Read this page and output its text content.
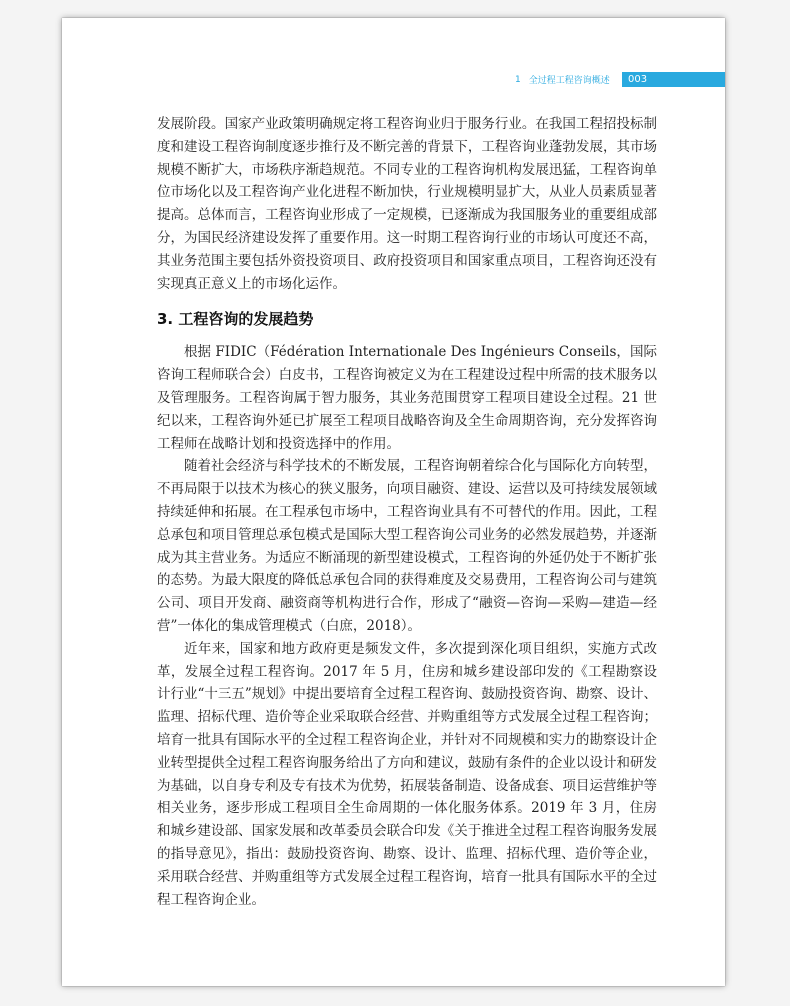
1 全过程工程咨询概述	003

发展阶段。国家产业政策明确规定将工程咨询业归于服务行业。在我国工程招投标制度和建设工程咨询制度逐步推行及不断完善的背景下，工程咨询业蓬勃发展，其市场规模不断扩大，市场秩序渐趋规范。不同专业的工程咨询机构发展迅猛，工程咨询单位市场化以及工程咨询产业化进程不断加快，行业规模明显扩大，从业人员素质显著提高。总体而言，工程咨询业形成了一定规模，已逐渐成为我国服务业的重要组成部分，为国民经济建设发挥了重要作用。这一时期工程咨询行业的市场认可度还不高，其业务范围主要包括外资投资项目、政府投资项目和国家重点项目，工程咨询还没有实现真正意义上的市场化运作。

3. 工程咨询的发展趋势

根据 FIDIC（Fédération Internationale Des Ingénieurs Conseils，国际咨询工程师联合会）白皮书，工程咨询被定义为在工程建设过程中所需的技术服务以及管理服务。工程咨询属于智力服务，其业务范围贯穿工程项目建设全过程。21 世纪以来，工程咨询外延已扩展至工程项目战略咨询及全生命周期咨询，充分发挥咨询工程师在战略计划和投资选择中的作用。

随着社会经济与科学技术的不断发展，工程咨询朝着综合化与国际化方向转型，不再局限于以技术为核心的狭义服务，向项目融资、建设、运营以及可持续发展领域持续延伸和拓展。在工程承包市场中，工程咨询业具有不可替代的作用。因此，工程总承包和项目管理总承包模式是国际大型工程咨询公司业务的必然发展趋势，并逐渐成为其主营业务。为适应不断涌现的新型建设模式，工程咨询的外延仍处于不断扩张的态势。为最大限度的降低总承包合同的获得难度及交易费用，工程咨询公司与建筑公司、项目开发商、融资商等机构进行合作，形成了“融资—咨询—采购—建造—经营”一体化的集成管理模式（白庶，2018）。

近年来，国家和地方政府更是频发文件，多次提到深化项目组织，实施方式改革，发展全过程工程咨询。2017 年 5 月，住房和城乡建设部印发的《工程勘察设计行业“十三五”规划》中提出要培育全过程工程咨询、鼓励投资咨询、勘察、设计、监理、招标代理、造价等企业采取联合经营、并购重组等方式发展全过程工程咨询；培育一批具有国际水平的全过程工程咨询企业，并针对不同规模和实力的勘察设计企业转型提供全过程工程咨询服务给出了方向和建议，鼓励有条件的企业以设计和研发为基础，以自身专利及专有技术为优势，拓展装备制造、设备成套、项目运营维护等相关业务，逐步形成工程项目全生命周期的一体化服务体系。2019 年 3 月，住房和城乡建设部、国家发展和改革委员会联合印发《关于推进全过程工程咨询服务发展的指导意见》，指出：鼓励投资咨询、勘察、设计、监理、招标代理、造价等企业，采用联合经营、并购重组等方式发展全过程工程咨询，培育一批具有国际水平的全过程工程咨询企业。
